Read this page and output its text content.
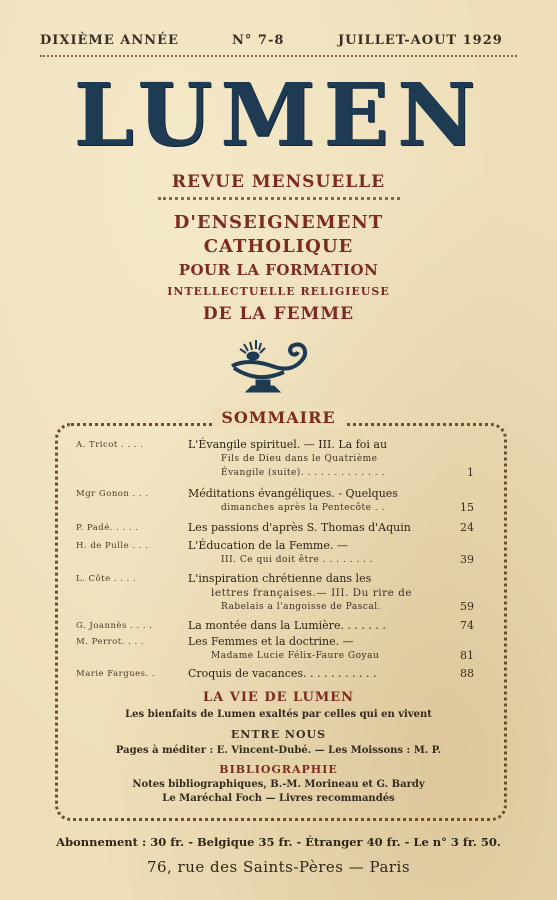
DIXIÈME ANNÉE	N° 7-8	JUILLET-AOUT 1929
LUMEN
REVUE MENSUELLE
D'ENSEIGNEMENT
CATHOLIQUE
POUR LA FORMATION
INTELLECTUELLE RELIGIEUSE
DE LA FEMME
SOMMAIRE
A. Tricot . . . .	L'Évangile spirituel. — III. La foi au
Fils de Dieu dans le Quatrième
Évangile (suite). . . . . . . . . . . . .	1
Mgr Gonon . . .	Méditations évangéliques. - Quelques
dimanches après la Pentecôte . .	15
P. Padé. . . . .	Les passions d'après S. Thomas d'Aquin	24
H. de Pulle . . .	L'Éducation de la Femme. —
III. Ce qui doit être . . . . . . . .	39
L. Côte . . . .	L'inspiration chrétienne dans les
lettres françaises.— III. Du rire de
Rabelais a l'angoisse de Pascal.	59
G. Joannès . . . .	La montée dans la Lumière. . . . . . .	74
M. Perrot. . . .	Les Femmes et la doctrine. —
Madame Lucie Félix-Faure Goyau	81
Marie Fargues. .	Croquis de vacances. . . . . . . . . . .	88
LA VIE DE LUMEN
Les bienfaits de Lumen exaltés par celles qui en vivent
ENTRE NOUS
Pages à méditer : E. Vincent-Dubé. — Les Moissons : M. P.
BIBLIOGRAPHIE
Notes bibliographiques, B.-M. Morineau et G. Bardy
Le Maréchal Foch — Livres recommandés
Abonnement : 30 fr. - Belgique 35 fr. - Étranger 40 fr. - Le n° 3 fr. 50.
76, rue des Saints-Pères — Paris
